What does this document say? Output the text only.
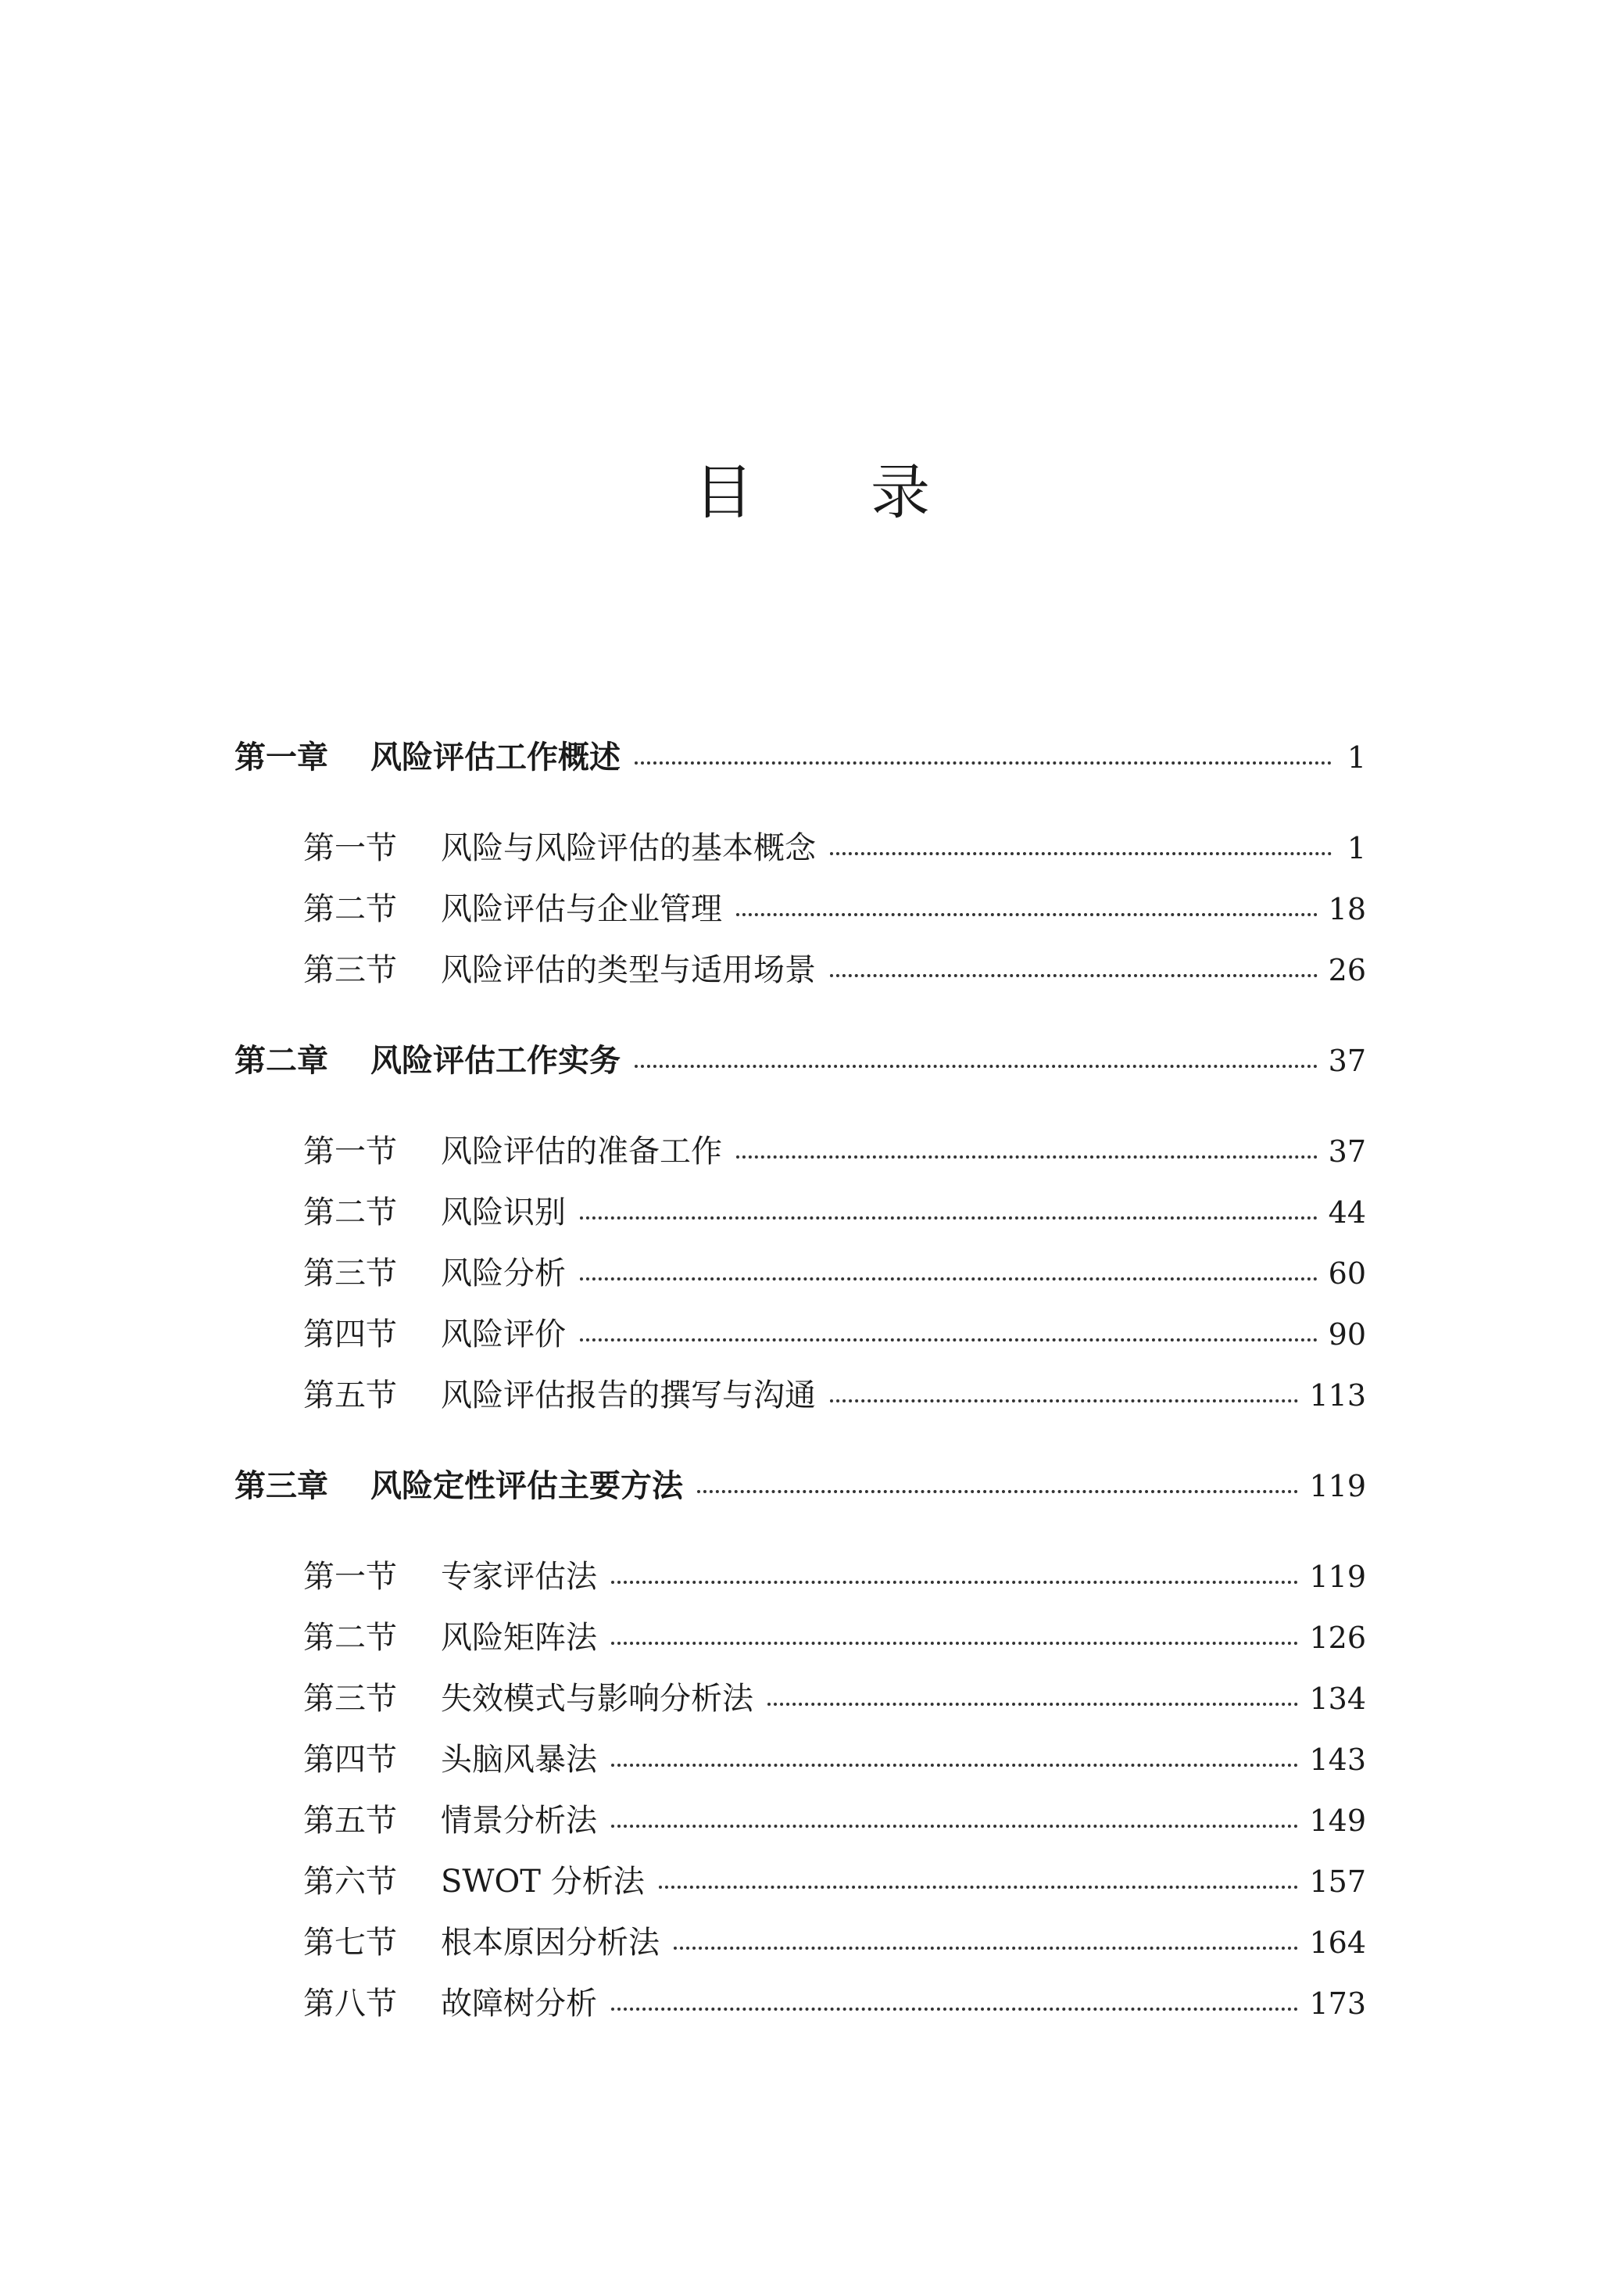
目 录
第一章	风险评估工作概述	1
第一节	风险与风险评估的基本概念	1
第二节	风险评估与企业管理	18
第三节	风险评估的类型与适用场景	26
第二章	风险评估工作实务	37
第一节	风险评估的准备工作	37
第二节	风险识别	44
第三节	风险分析	60
第四节	风险评价	90
第五节	风险评估报告的撰写与沟通	113
第三章	风险定性评估主要方法	119
第一节	专家评估法	119
第二节	风险矩阵法	126
第三节	失效模式与影响分析法	134
第四节	头脑风暴法	143
第五节	情景分析法	149
第六节	SWOT 分析法	157
第七节	根本原因分析法	164
第八节	故障树分析	173
